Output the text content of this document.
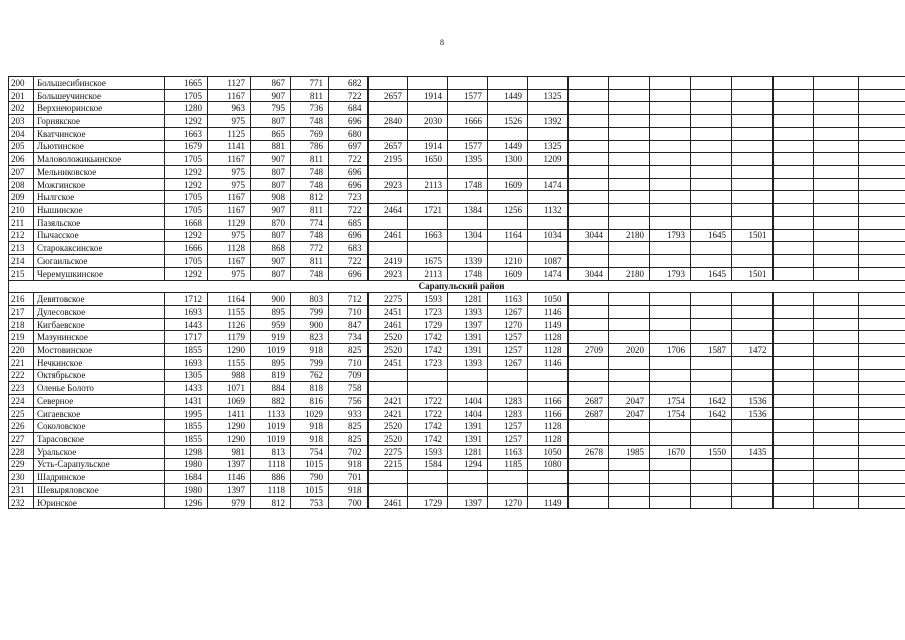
8
200	Большесибинское	1665	1127	867	771	682													
201	Большеучинское	1705	1167	907	811	722	2657	1914	1577	1449	1325								
202	Верхнеюринское	1280	963	795	736	684													
203	Горнякское	1292	975	807	748	696	2840	2030	1666	1526	1392								
204	Кватчинское	1663	1125	865	769	680													
205	Льютинское	1679	1141	881	786	697	2657	1914	1577	1449	1325								
206	Маловоложикьинское	1705	1167	907	811	722	2195	1650	1395	1300	1209								
207	Мельниковское	1292	975	807	748	696													
208	Можгинское	1292	975	807	748	696	2923	2113	1748	1609	1474								
209	Нылгское	1705	1167	908	812	723													
210	Нышинское	1705	1167	907	811	722	2464	1721	1384	1256	1132								
211	Пазяльское	1668	1129	870	774	685													
212	Пычасское	1292	975	807	748	696	2461	1663	1304	1164	1034	3044	2180	1793	1645	1501			
213	Старокаксинское	1666	1128	868	772	683													
214	Сюгаильское	1705	1167	907	811	722	2419	1675	1339	1210	1087								
215	Черемушкинское	1292	975	807	748	696	2923	2113	1748	1609	1474	3044	2180	1793	1645	1501			
Сарапульский район																			
216	Девятовское	1712	1164	900	803	712	2275	1593	1281	1163	1050								
217	Дулесовское	1693	1155	895	799	710	2451	1723	1393	1267	1146								
218	Кигбаевское	1443	1126	959	900	847	2461	1729	1397	1270	1149								
219	Мазунинское	1717	1179	919	823	734	2520	1742	1391	1257	1128								
220	Мостовинское	1855	1290	1019	918	825	2520	1742	1391	1257	1128	2709	2020	1706	1587	1472			
221	Нечкинское	1693	1155	895	799	710	2451	1723	1393	1267	1146								
222	Октябрьское	1305	988	819	762	709													
223	Оленье Болото	1433	1071	884	818	758													
224	Северное	1431	1069	882	816	756	2421	1722	1404	1283	1166	2687	2047	1754	1642	1536			
225	Сигаевское	1995	1411	1133	1029	933	2421	1722	1404	1283	1166	2687	2047	1754	1642	1536			
226	Соколовское	1855	1290	1019	918	825	2520	1742	1391	1257	1128								
227	Тарасовское	1855	1290	1019	918	825	2520	1742	1391	1257	1128								
228	Уральское	1298	981	813	754	702	2275	1593	1281	1163	1050	2678	1985	1670	1550	1435			
229	Усть-Сарапульское	1980	1397	1118	1015	918	2215	1584	1294	1185	1080								
230	Шадринское	1684	1146	886	790	701													
231	Шевыряловское	1980	1397	1118	1015	918													
232	Юринское	1296	979	812	753	700	2461	1729	1397	1270	1149								
